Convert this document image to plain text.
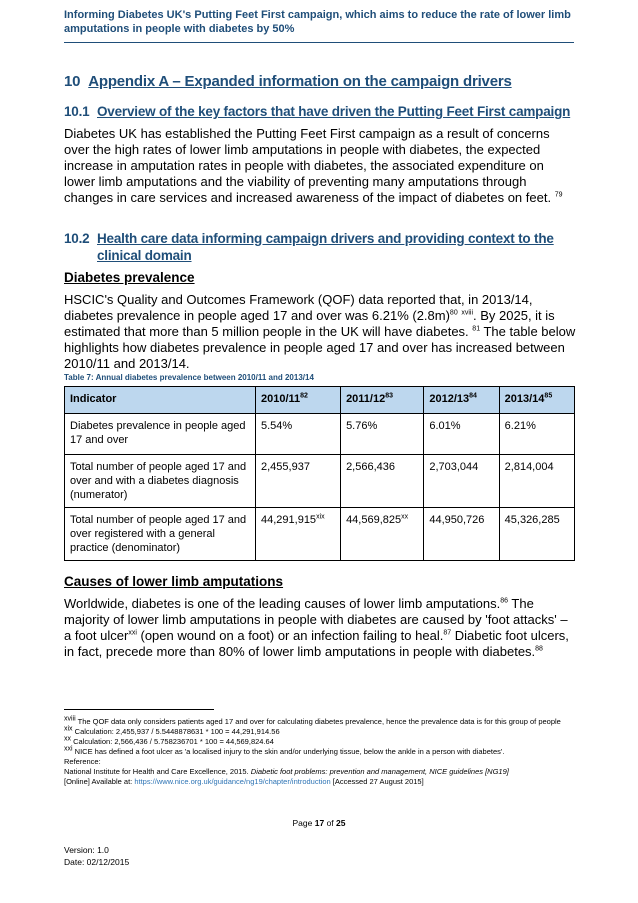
Informing Diabetes UK's Putting Feet First campaign, which aims to reduce the rate of lower limb amputations in people with diabetes by 50%
10 Appendix A – Expanded information on the campaign drivers
10.1 Overview of the key factors that have driven the Putting Feet First campaign

Diabetes UK has established the Putting Feet First campaign as a result of concerns over the high rates of lower limb amputations in people with diabetes, the expected increase in amputation rates in people with diabetes, the associated expenditure on lower limb amputations and the viability of preventing many amputations through changes in care services and increased awareness of the impact of diabetes on feet. $^{79}$

10.2 Health care data informing campaign drivers and providing context to the
clinical domain
Diabetes prevalence

HSCIC's Quality and Outcomes Framework (QOF) data reported that, in 2013/14, diabetes prevalence in people aged 17 and over was 6.21% $(2.8m)^{80}$ $^{xviii}$. By 2025, it is estimated that more than 5 million people in the UK will have diabetes. $^{81}$ The table below highlights how diabetes prevalence in people aged 17 and over has increased between 2010/11 and 2013/14.

Table 7: Annual diabetes prevalence between 2010/11 and 2013/14
Indicator	$2010/11^{82}$	$2011/12^{83}$	$2012/13^{84}$	$2013/14^{85}$
Diabetes prevalence in people aged 17 and over	5.54%	5.76%	6.01%	6.21%
Total number of people aged 17 and over and with a diabetes diagnosis (numerator)	2,455,937	2,566,436	2,703,044	2,814,004
Total number of people aged 17 and over registered with a general practice (denominator)	44,291,915$^{xix}$	44,569,825$^{xx}$	44,950,726	45,326,285
Causes of lower limb amputations

Worldwide, diabetes is one of the leading causes of lower limb amputations.$^{86}$ The majority of lower limb amputations in people with diabetes are caused by 'foot attacks' – a foot ulcer$^{xxi}$ (open wound on a foot) or an infection failing to heal.$^{87}$ Diabetic foot ulcers, in fact, precede more than 80% of lower limb amputations in people with diabetes.$^{88}$

$^{xviii}$ The QOF data only considers patients aged 17 and over for calculating diabetes prevalence, hence the prevalence data is for this group of people
$^{xix}$ Calculation: 2,455,937 / 5.5448878631 * 100 = 44,291,914.56
$^{xx}$ Calculation: 2,566,436 / 5.758236701 * 100 = 44,569,824.64
$^{xxi}$ NICE has defined a foot ulcer as 'a localised injury to the skin and/or underlying tissue, below the ankle in a person with diabetes'.
Reference:
National Institute for Health and Care Excellence, 2015. Diabetic foot problems: prevention and management, NICE guidelines [NG19]
[Online] Available at: https://www.nice.org.uk/guidance/ng19/chapter/introduction [Accessed 27 August 2015]
Page 17 of 25
Version: 1.0
Date: 02/12/2015
